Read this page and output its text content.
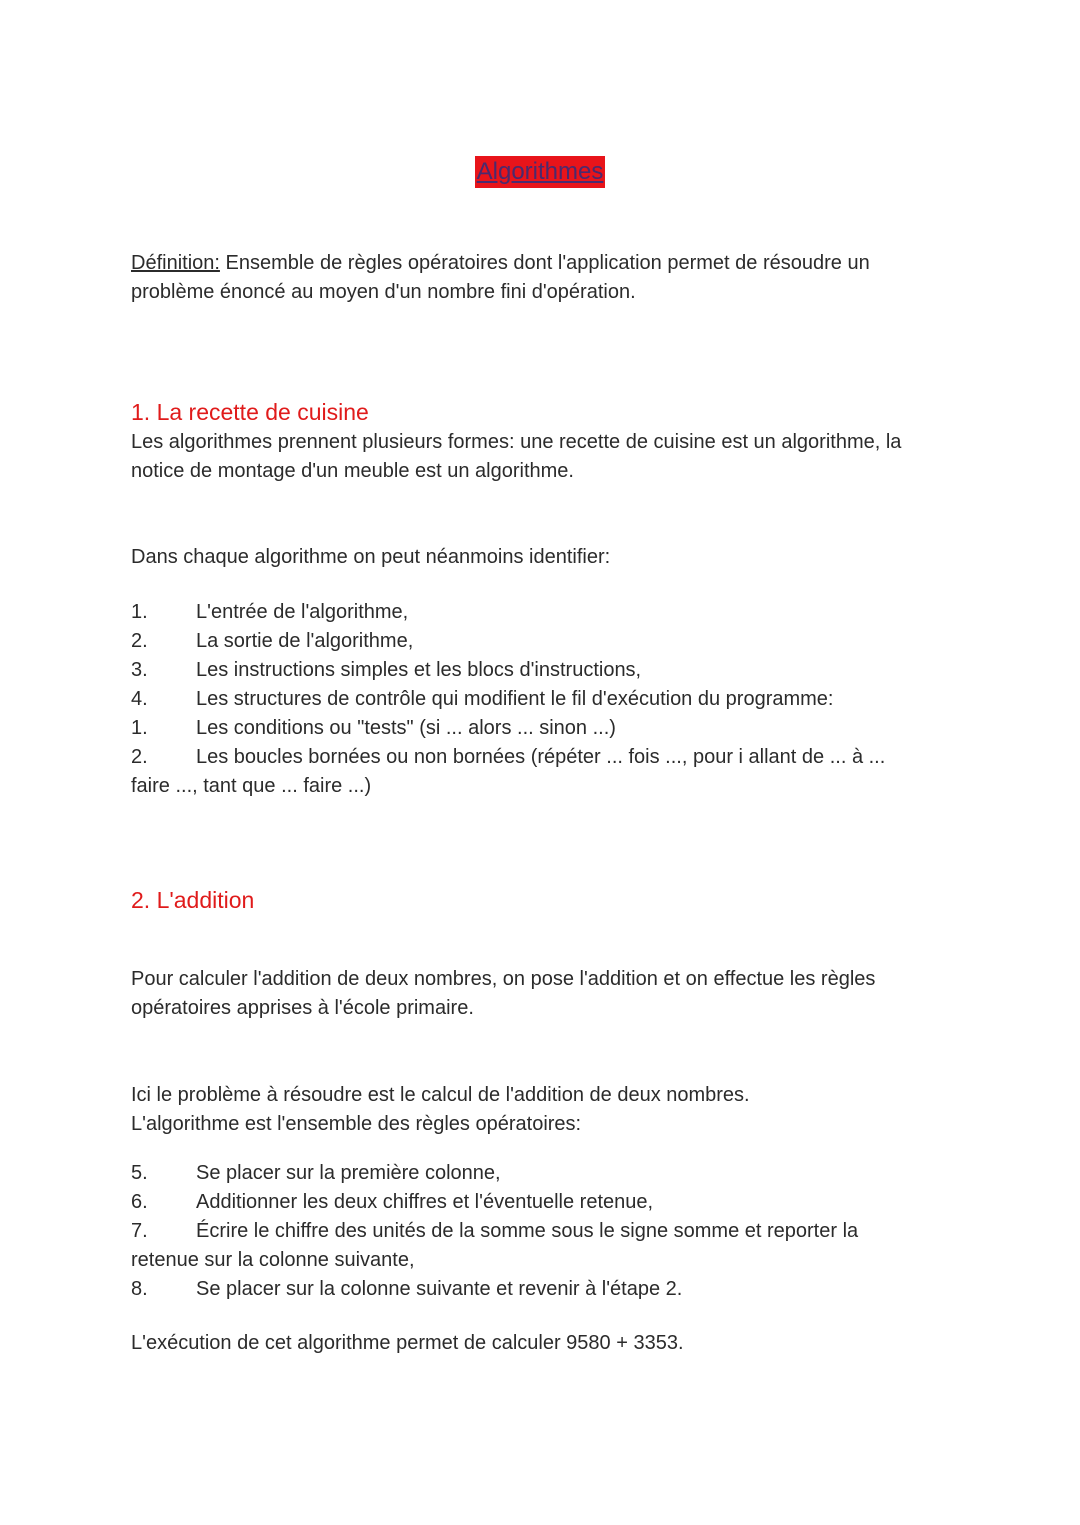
Algorithmes

Définition: Ensemble de règles opératoires dont l'application permet de résoudre un

problème énoncé au moyen d'un nombre fini d'opération.

1. La recette de cuisine

Les algorithmes prennent plusieurs formes: une recette de cuisine est un algorithme, la

notice de montage d'un meuble est un algorithme.

Dans chaque algorithme on peut néanmoins identifier:

1. L'entrée de l'algorithme,
2. La sortie de l'algorithme,
3. Les instructions simples et les blocs d'instructions,
4. Les structures de contrôle qui modifient le fil d'exécution du programme:
1. Les conditions ou "tests" (si ... alors ... sinon ...)
2. Les boucles bornées ou non bornées (répéter ... fois ..., pour i allant de ... à ...

faire ..., tant que ... faire ...)

2. L'addition

Pour calculer l'addition de deux nombres, on pose l'addition et on effectue les règles

opératoires apprises à l'école primaire.

Ici le problème à résoudre est le calcul de l'addition de deux nombres.

L'algorithme est l'ensemble des règles opératoires:

5. Se placer sur la première colonne,
6. Additionner les deux chiffres et l'éventuelle retenue,
7. Écrire le chiffre des unités de la somme sous le signe somme et reporter la

retenue sur la colonne suivante,

8. Se placer sur la colonne suivante et revenir à l'étape 2.

L'exécution de cet algorithme permet de calculer 9580 + 3353.
